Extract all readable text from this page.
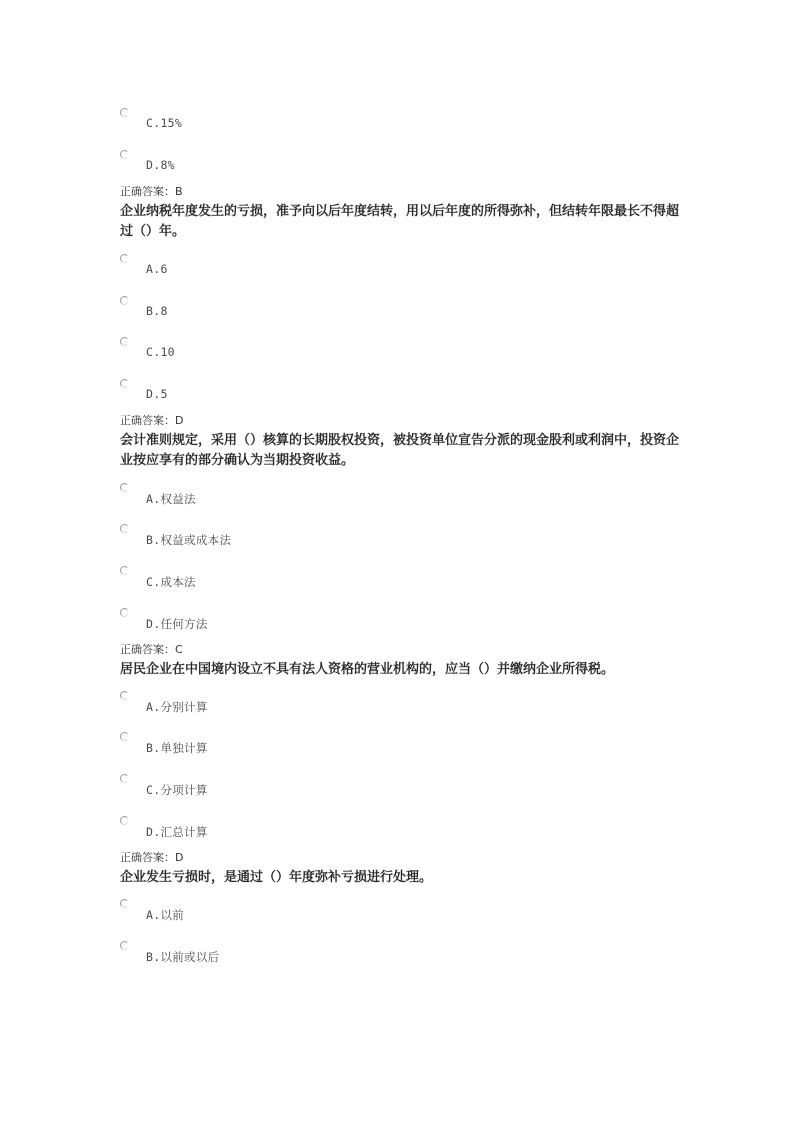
C.15%
D.8%
正确答案：B
企业纳税年度发生的亏损，准予向以后年度结转，用以后年度的所得弥补，但结转年限最长不得超过（）年。
A.6
B.8
C.10
D.5
正确答案：D
会计准则规定，采用（）核算的长期股权投资，被投资单位宣告分派的现金股利或利润中，投资企业按应享有的部分确认为当期投资收益。
A.权益法
B.权益或成本法
C.成本法
D.任何方法
正确答案：C
居民企业在中国境内设立不具有法人资格的营业机构的，应当（）并缴纳企业所得税。
A.分别计算
B.单独计算
C.分项计算
D.汇总计算
正确答案：D
企业发生亏损时，是通过（）年度弥补亏损进行处理。
A.以前
B.以前或以后
